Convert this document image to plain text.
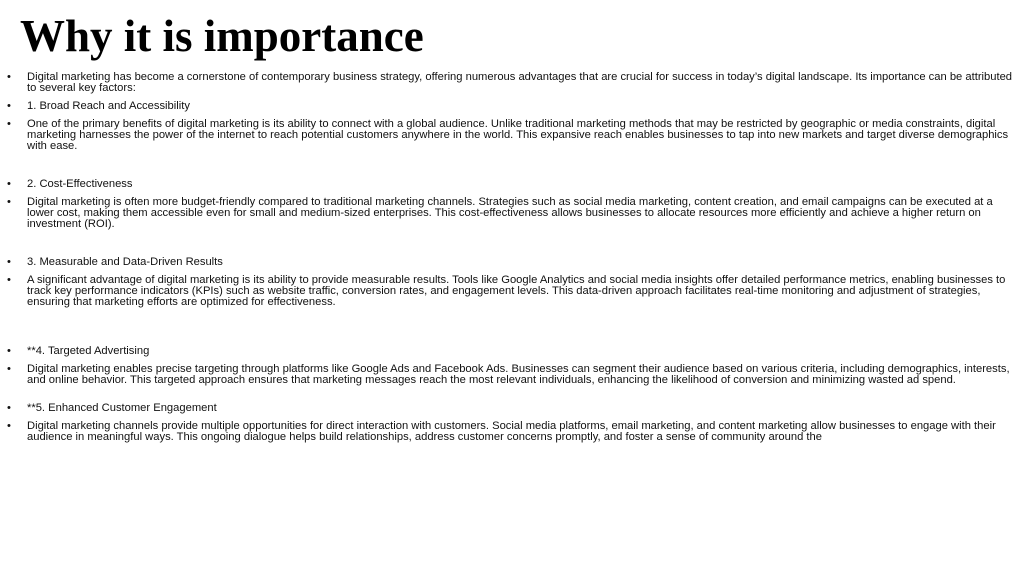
Why it is importance
• Digital marketing has become a cornerstone of contemporary business strategy, offering numerous advantages that are crucial for success in today’s digital landscape. Its importance can be attributed to several key factors:
• 1. Broad Reach and Accessibility
• One of the primary benefits of digital marketing is its ability to connect with a global audience. Unlike traditional marketing methods that may be restricted by geographic or media constraints, digital marketing harnesses the power of the internet to reach potential customers anywhere in the world. This expansive reach enables businesses to tap into new markets and target diverse demographics with ease.
• 2. Cost-Effectiveness
• Digital marketing is often more budget-friendly compared to traditional marketing channels. Strategies such as social media marketing, content creation, and email campaigns can be executed at a lower cost, making them accessible even for small and medium-sized enterprises. This cost-effectiveness allows businesses to allocate resources more efficiently and achieve a higher return on investment (ROI).
• 3. Measurable and Data-Driven Results
• A significant advantage of digital marketing is its ability to provide measurable results. Tools like Google Analytics and social media insights offer detailed performance metrics, enabling businesses to track key performance indicators (KPIs) such as website traffic, conversion rates, and engagement levels. This data-driven approach facilitates real-time monitoring and adjustment of strategies, ensuring that marketing efforts are optimized for effectiveness.
• **4. Targeted Advertising
• Digital marketing enables precise targeting through platforms like Google Ads and Facebook Ads. Businesses can segment their audience based on various criteria, including demographics, interests, and online behavior. This targeted approach ensures that marketing messages reach the most relevant individuals, enhancing the likelihood of conversion and minimizing wasted ad spend.
• **5. Enhanced Customer Engagement
• Digital marketing channels provide multiple opportunities for direct interaction with customers. Social media platforms, email marketing, and content marketing allow businesses to engage with their audience in meaningful ways. This ongoing dialogue helps build relationships, address customer concerns promptly, and foster a sense of community around the
